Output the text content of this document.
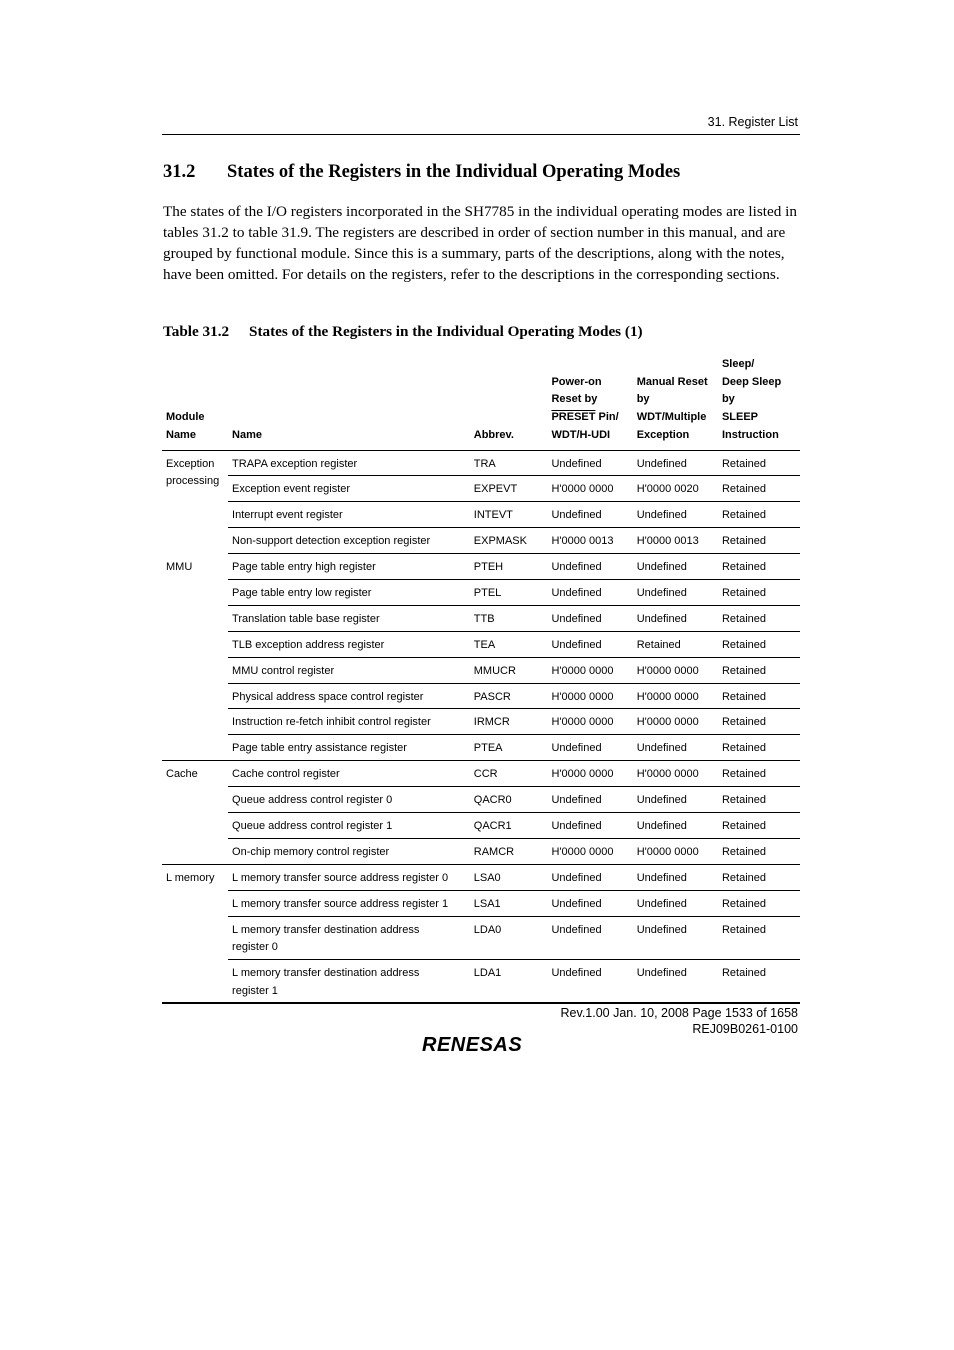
31. Register List
31.2 States of the Registers in the Individual Operating Modes

The states of the I/O registers incorporated in the SH7785 in the individual operating modes are listed in tables 31.2 to table 31.9. The registers are described in order of section number in this manual, and are grouped by functional module. Since this is a summary, parts of the descriptions, along with the notes, have been omitted. For details on the registers, refer to the descriptions in the corresponding sections.

Table 31.2 States of the Registers in the Individual Operating Modes (1)
Module
Name	Name	Abbrev.	Power-on
Reset by
PRESET Pin/
WDT/H-UDI	Manual Reset
by
WDT/Multiple
Exception	Sleep/
Deep Sleep by
SLEEP
Instruction
Exception
processing	TRAPA exception register	TRA	Undefined	Undefined	Retained
	Exception event register	EXPEVT	H'0000 0000	H'0000 0020	Retained
	Interrupt event register	INTEVT	Undefined	Undefined	Retained
	Non-support detection exception register	EXPMASK	H'0000 0013	H'0000 0013	Retained
MMU	Page table entry high register	PTEH	Undefined	Undefined	Retained
	Page table entry low register	PTEL	Undefined	Undefined	Retained
	Translation table base register	TTB	Undefined	Undefined	Retained
	TLB exception address register	TEA	Undefined	Retained	Retained
	MMU control register	MMUCR	H'0000 0000	H'0000 0000	Retained
	Physical address space control register	PASCR	H'0000 0000	H'0000 0000	Retained
	Instruction re-fetch inhibit control register	IRMCR	H'0000 0000	H'0000 0000	Retained
	Page table entry assistance register	PTEA	Undefined	Undefined	Retained
Cache	Cache control register	CCR	H'0000 0000	H'0000 0000	Retained
	Queue address control register 0	QACR0	Undefined	Undefined	Retained
	Queue address control register 1	QACR1	Undefined	Undefined	Retained
	On-chip memory control register	RAMCR	H'0000 0000	H'0000 0000	Retained
L memory	L memory transfer source address register 0	LSA0	Undefined	Undefined	Retained
	L memory transfer source address register 1	LSA1	Undefined	Undefined	Retained
	L memory transfer destination address
register 0	LDA0	Undefined	Undefined	Retained
	L memory transfer destination address
register 1	LDA1	Undefined	Undefined	Retained
Rev.1.00 Jan. 10, 2008 Page 1533 of 1658
REJ09B0261-0100
RENESAS
